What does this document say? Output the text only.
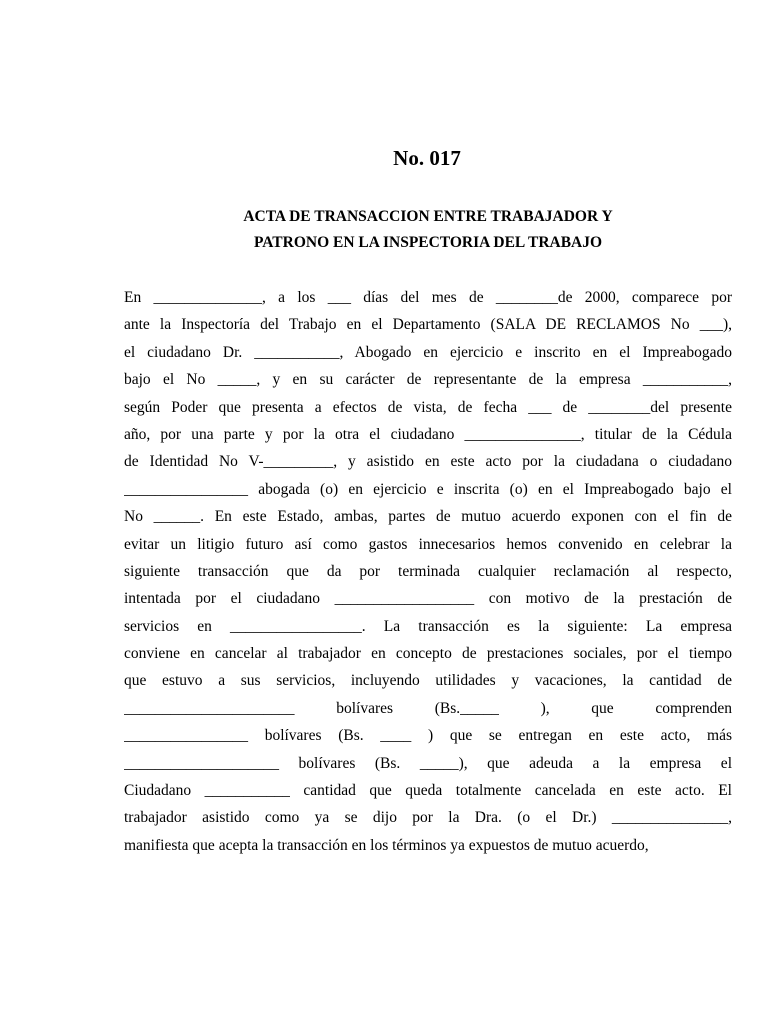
No. 017
ACTA DE TRANSACCION ENTRE TRABAJADOR Y
PATRONO EN LA INSPECTORIA DEL TRABAJO
En ______________, a los ___ días del mes de ________de 2000, comparece por
ante la Inspectoría del Trabajo en el Departamento (SALA DE RECLAMOS No ___),
el ciudadano Dr. ___________, Abogado en ejercicio e inscrito en el Impreabogado
bajo el No _____, y en su carácter de representante de la empresa ___________,
según Poder que presenta a efectos de vista, de fecha ___ de ________del presente
año, por una parte y por la otra el ciudadano _______________, titular de la Cédula
de Identidad No V-_________, y asistido en este acto por la ciudadana o ciudadano
________________ abogada (o) en ejercicio e inscrita (o) en el Impreabogado bajo el
No ______. En este Estado, ambas, partes de mutuo acuerdo exponen con el fin de
evitar un litigio futuro así como gastos innecesarios hemos convenido en celebrar la
siguiente transacción que da por terminada cualquier reclamación al respecto,
intentada por el ciudadano __________________ con motivo de la prestación de
servicios en _________________. La transacción es la siguiente: La empresa
conviene en cancelar al trabajador en concepto de prestaciones sociales, por el tiempo
que estuvo a sus servicios, incluyendo utilidades y vacaciones, la cantidad de
______________________ bolívares (Bs._____ ), que comprenden
________________ bolívares (Bs. ____ ) que se entregan en este acto, más
____________________ bolívares (Bs. _____), que adeuda a la empresa el
Ciudadano ___________ cantidad que queda totalmente cancelada en este acto. El
trabajador asistido como ya se dijo por la Dra. (o el Dr.) _______________,
manifiesta que acepta la transacción en los términos ya expuestos de mutuo acuerdo,
